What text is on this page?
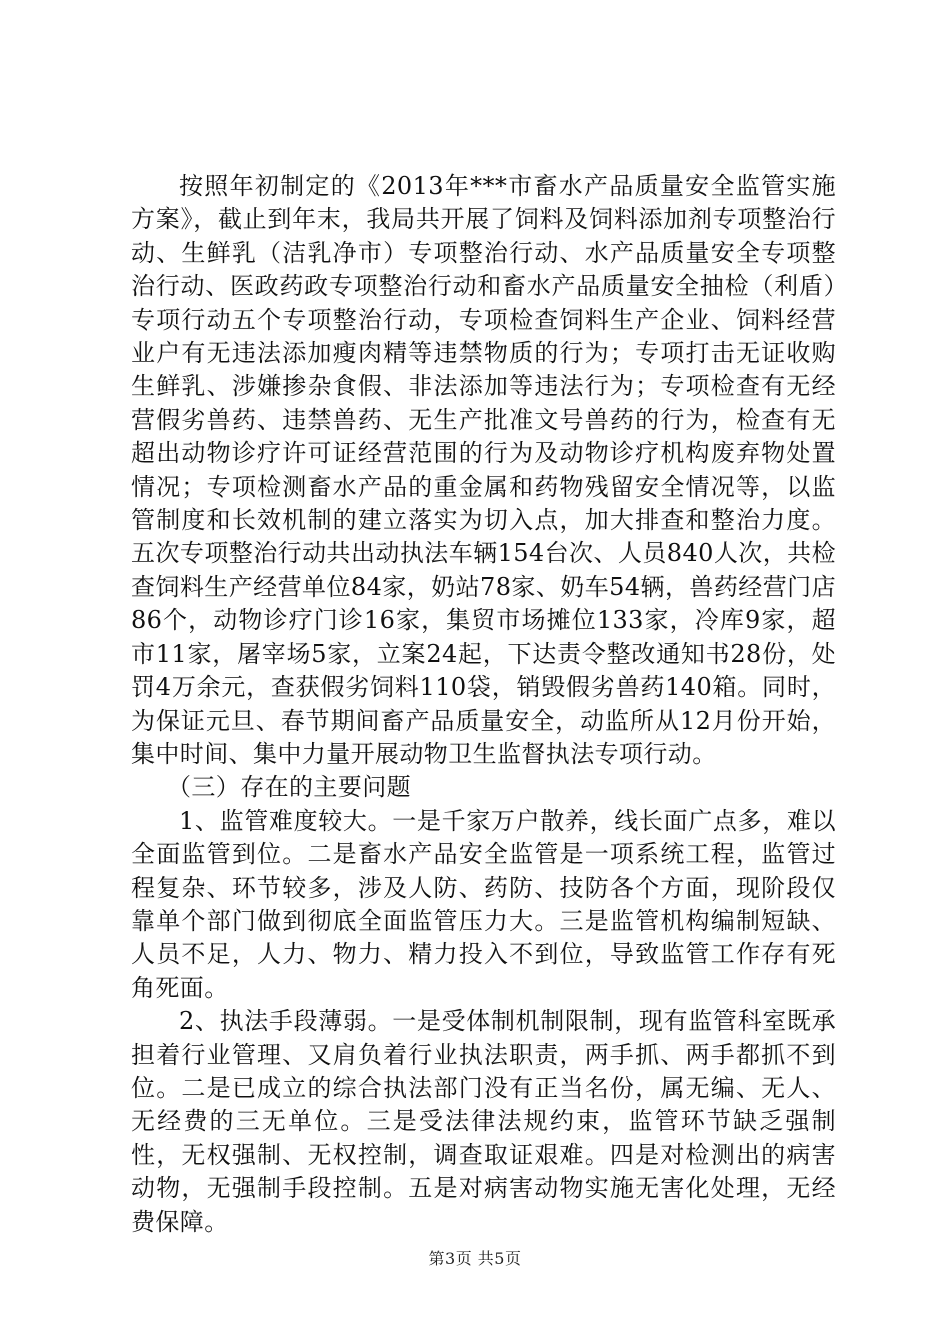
按照年初制定的《2013年***市畜水产品质量安全监管实施方案》，截止到年末，我局共开展了饲料及饲料添加剂专项整治行动、生鲜乳（洁乳净市）专项整治行动、水产品质量安全专项整治行动、医政药政专项整治行动和畜水产品质量安全抽检（利盾）专项行动五个专项整治行动，专项检查饲料生产企业、饲料经营业户有无违法添加瘦肉精等违禁物质的行为；专项打击无证收购生鲜乳、涉嫌掺杂食假、非法添加等违法行为；专项检查有无经营假劣兽药、违禁兽药、无生产批准文号兽药的行为，检查有无超出动物诊疗许可证经营范围的行为及动物诊疗机构废弃物处置情况；专项检测畜水产品的重金属和药物残留安全情况等，以监管制度和长效机制的建立落实为切入点，加大排查和整治力度。五次专项整治行动共出动执法车辆154台次、人员840人次，共检查饲料生产经营单位84家，奶站78家、奶车54辆，兽药经营门店86个，动物诊疗门诊16家，集贸市场摊位133家，冷库9家，超市11家，屠宰场5家，立案24起，下达责令整改通知书28份，处罚4万余元，查获假劣饲料110袋，销毁假劣兽药140箱。同时，为保证元旦、春节期间畜产品质量安全，动监所从12月份开始，集中时间、集中力量开展动物卫生监督执法专项行动。

（三）存在的主要问题

1、监管难度较大。一是千家万户散养，线长面广点多，难以全面监管到位。二是畜水产品安全监管是一项系统工程，监管过程复杂、环节较多，涉及人防、药防、技防各个方面，现阶段仅靠单个部门做到彻底全面监管压力大。三是监管机构编制短缺、人员不足，人力、物力、精力投入不到位，导致监管工作存有死角死面。

2、执法手段薄弱。一是受体制机制限制，现有监管科室既承担着行业管理、又肩负着行业执法职责，两手抓、两手都抓不到位。二是已成立的综合执法部门没有正当名份，属无编、无人、无经费的三无单位。三是受法律法规约束，监管环节缺乏强制性，无权强制、无权控制，调查取证艰难。四是对检测出的病害动物，无强制手段控制。五是对病害动物实施无害化处理，无经费保障。

第3页 共5页
